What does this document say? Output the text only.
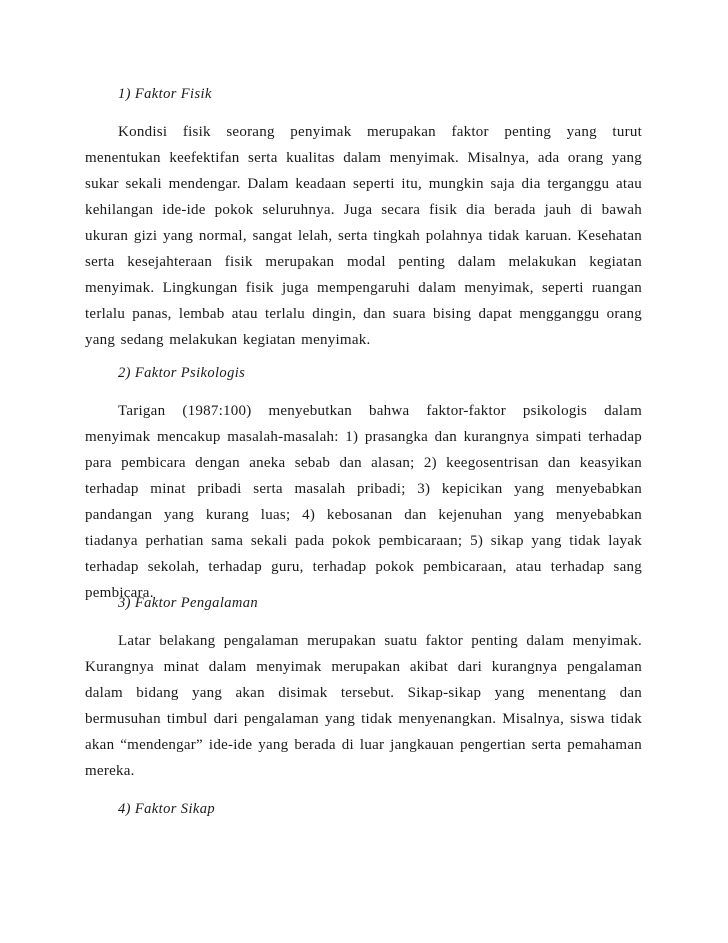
1) Faktor Fisik

Kondisi fisik seorang penyimak merupakan faktor penting yang turut menentukan keefektifan serta kualitas dalam menyimak. Misalnya, ada orang yang sukar sekali mendengar. Dalam keadaan seperti itu, mungkin saja dia terganggu atau kehilangan ide-ide pokok seluruhnya. Juga secara fisik dia berada jauh di bawah ukuran gizi yang normal, sangat lelah, serta tingkah polahnya tidak karuan. Kesehatan serta kesejahteraan fisik merupakan modal penting dalam melakukan kegiatan menyimak. Lingkungan fisik juga mempengaruhi dalam menyimak, seperti ruangan terlalu panas, lembab atau terlalu dingin, dan suara bising dapat mengganggu orang yang sedang melakukan kegiatan menyimak.

2) Faktor Psikologis

Tarigan (1987:100) menyebutkan bahwa faktor-faktor psikologis dalam menyimak mencakup masalah-masalah: 1) prasangka dan kurangnya simpati terhadap para pembicara dengan aneka sebab dan alasan; 2) keegosentrisan dan keasyikan terhadap minat pribadi serta masalah pribadi; 3) kepicikan yang menyebabkan pandangan yang kurang luas; 4) kebosanan dan kejenuhan yang menyebabkan tiadanya perhatian sama sekali pada pokok pembicaraan; 5) sikap yang tidak layak terhadap sekolah, terhadap guru, terhadap pokok pembicaraan, atau terhadap sang pembicara.

3) Faktor Pengalaman

Latar belakang pengalaman merupakan suatu faktor penting dalam menyimak. Kurangnya minat dalam menyimak merupakan akibat dari kurangnya pengalaman dalam bidang yang akan disimak tersebut. Sikap-sikap yang menentang dan bermusuhan timbul dari pengalaman yang tidak menyenangkan. Misalnya, siswa tidak akan “mendengar” ide-ide yang berada di luar jangkauan pengertian serta pemahaman mereka.

4) Faktor Sikap
